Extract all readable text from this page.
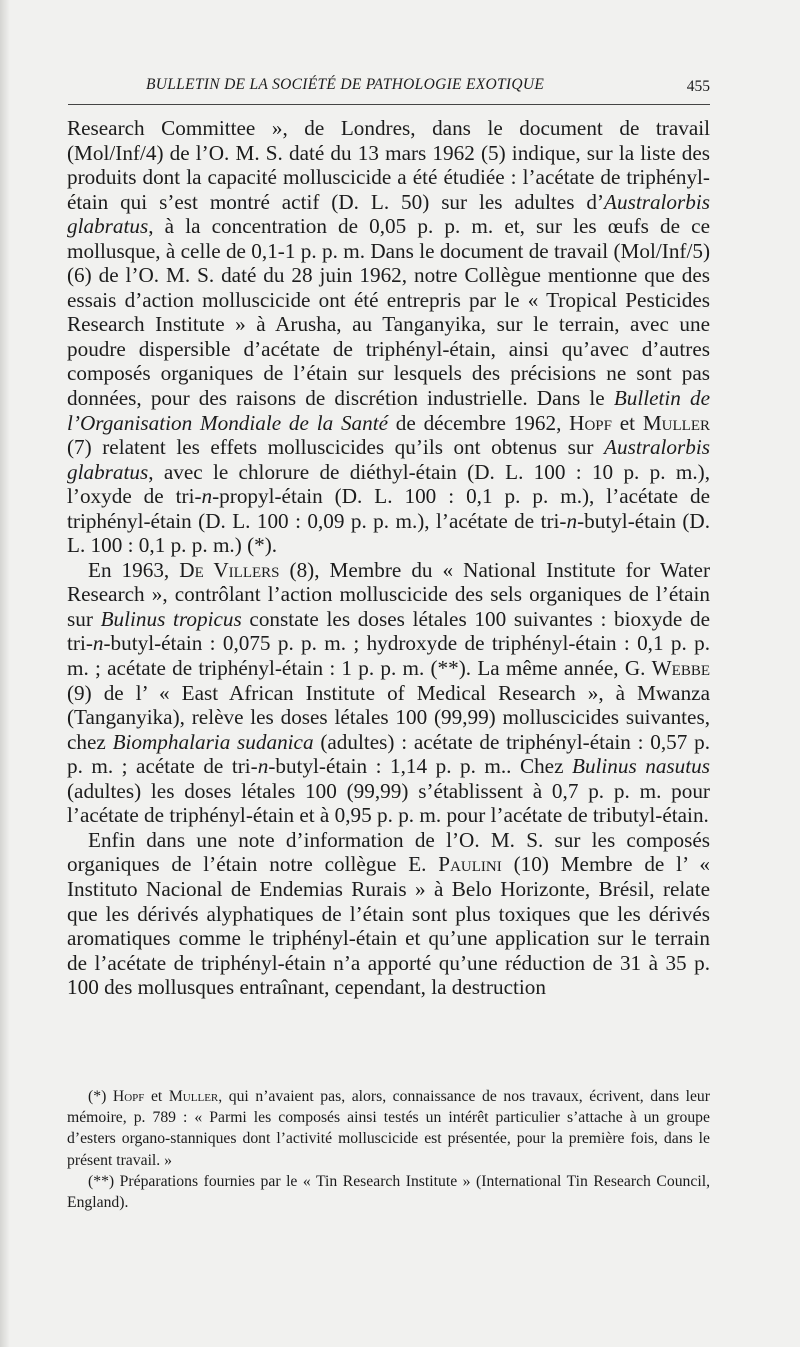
BULLETIN DE LA SOCIÉTÉ DE PATHOLOGIE EXOTIQUE	455

Research Committee », de Londres, dans le document de travail (Mol/Inf/4) de l’O. M. S. daté du 13 mars 1962 (5) indique, sur la liste des produits dont la capacité molluscicide a été étudiée : l’acétate de triphényl-étain qui s’est montré actif (D. L. 50) sur les adultes d’Australorbis glabratus, à la concentration de 0,05 p. p. m. et, sur les œufs de ce mollusque, à celle de 0,1-1 p. p. m. Dans le document de travail (Mol/Inf/5) (6) de l’O. M. S. daté du 28 juin 1962, notre Collègue mentionne que des essais d’action molluscicide ont été entrepris par le « Tropical Pesticides Research Institute » à Arusha, au Tanganyika, sur le terrain, avec une poudre dispersible d’acétate de triphényl-étain, ainsi qu’avec d’autres composés organiques de l’étain sur lesquels des précisions ne sont pas données, pour des raisons de discrétion industrielle. Dans le Bulletin de l’Organisation Mondiale de la Santé de décembre 1962, Hopf et Muller (7) relatent les effets molluscicides qu’ils ont obtenus sur Australorbis glabratus, avec le chlorure de diéthyl-étain (D. L. 100 : 10 p. p. m.), l’oxyde de tri-n-propyl-étain (D. L. 100 : 0,1 p. p. m.), l’acétate de triphényl-étain (D. L. 100 : 0,09 p. p. m.), l’acétate de tri-n-butyl-étain (D. L. 100 : 0,1 p. p. m.) (*).

En 1963, De Villers (8), Membre du « National Institute for Water Research », contrôlant l’action molluscicide des sels organiques de l’étain sur Bulinus tropicus constate les doses létales 100 suivantes : bioxyde de tri-n-butyl-étain : 0,075 p. p. m. ; hydroxyde de triphényl-étain : 0,1 p. p. m. ; acétate de triphényl-étain : 1 p. p. m. (**). La même année, G. Webbe (9) de l’ « East African Institute of Medical Research », à Mwanza (Tanganyika), relève les doses létales 100 (99,99) molluscicides suivantes, chez Biomphalaria sudanica (adultes) : acétate de triphényl-étain : 0,57 p. p. m. ; acétate de tri-n-butyl-étain : 1,14 p. p. m.. Chez Bulinus nasutus (adultes) les doses létales 100 (99,99) s’établissent à 0,7 p. p. m. pour l’acétate de triphényl-étain et à 0,95 p. p. m. pour l’acétate de tributyl-étain.

Enfin dans une note d’information de l’O. M. S. sur les composés organiques de l’étain notre collègue E. Paulini (10) Membre de l’ « Instituto Nacional de Endemias Rurais » à Belo Horizonte, Brésil, relate que les dérivés alyphatiques de l’étain sont plus toxiques que les dérivés aromatiques comme le triphényl-étain et qu’une application sur le terrain de l’acétate de triphényl-étain n’a apporté qu’une réduction de 31 à 35 p. 100 des mollusques entraînant, cependant, la destruction

(*) Hopf et Muller, qui n’avaient pas, alors, connaissance de nos travaux, écrivent, dans leur mémoire, p. 789 : « Parmi les composés ainsi testés un intérêt particulier s’attache à un groupe d’esters organo-stanniques dont l’activité molluscicide est présentée, pour la première fois, dans le présent travail. »

(**) Préparations fournies par le « Tin Research Institute » (International Tin Research Council, England).
